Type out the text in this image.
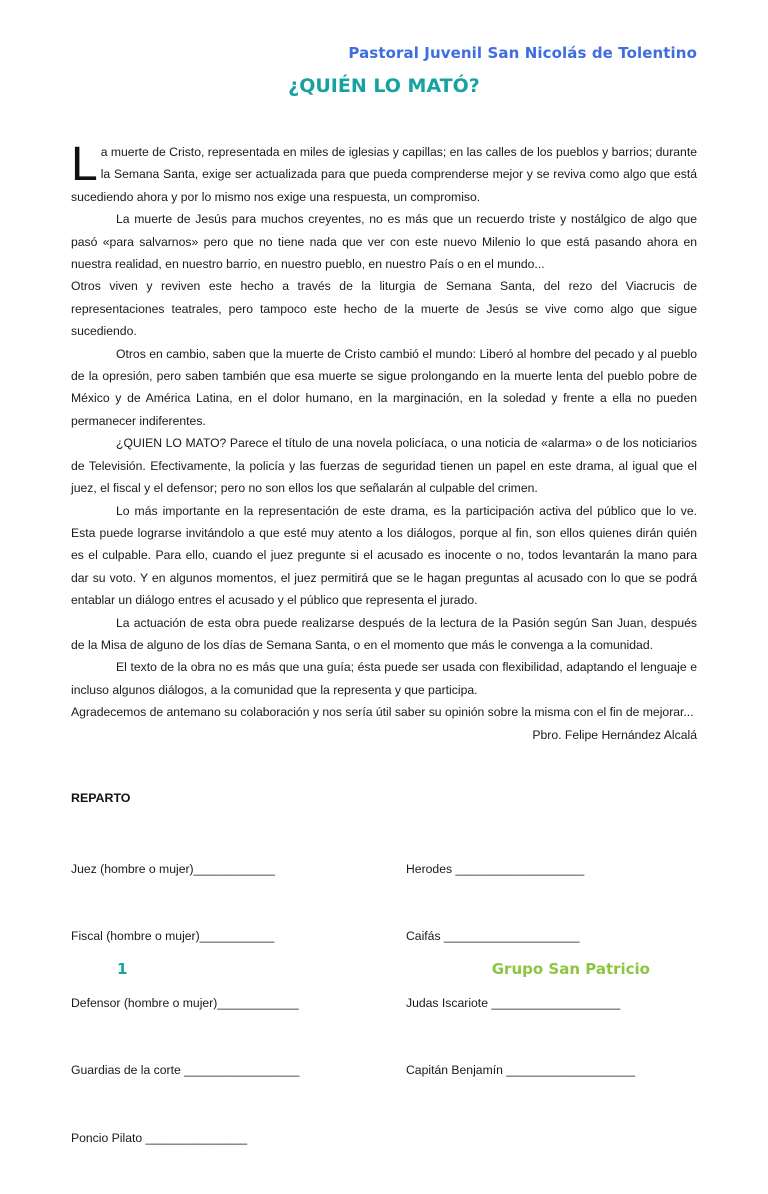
Pastoral Juvenil San Nicolás de Tolentino
¿QUIÉN LO MATÓ?

La muerte de Cristo, representada en miles de iglesias y capillas; en las calles de los pueblos y barrios; durante la Semana Santa, exige ser actualizada para que pueda comprenderse mejor y se reviva como algo que está sucediendo ahora y por lo mismo nos exige una respuesta, un compromiso.

La muerte de Jesús para muchos creyentes, no es más que un recuerdo triste y nostálgico de algo que pasó «para salvarnos» pero que no tiene nada que ver con este nuevo Milenio lo que está pasando ahora en nuestra realidad, en nuestro barrio, en nuestro pueblo, en nuestro País o en el mundo...

Otros viven y reviven este hecho a través de la liturgia de Semana Santa, del rezo del Viacrucis de representaciones teatrales, pero tampoco este hecho de la muerte de Jesús se vive como algo que sigue sucediendo.

Otros en cambio, saben que la muerte de Cristo cambió el mundo: Liberó al hombre del pecado y al pueblo de la opresión, pero saben también que esa muerte se sigue prolongando en la muerte lenta del pueblo pobre de México y de América Latina, en el dolor humano, en la marginación, en la soledad y frente a ella no pueden permanecer indiferentes.

¿QUIEN LO MATO? Parece el título de una novela policíaca, o una noticia de «alarma» o de los noticiarios de Televisión. Efectivamente, la policía y las fuerzas de seguridad tienen un papel en este drama, al igual que el juez, el fiscal y el defensor; pero no son ellos los que señalarán al culpable del crimen.

Lo más importante en la representación de este drama, es la participación activa del público que lo ve. Esta puede lograrse invitándolo a que esté muy atento a los diálogos, porque al fin, son ellos quienes dirán quién es el culpable. Para ello, cuando el juez pregunte si el acusado es inocente o no, todos levantarán la mano para dar su voto. Y en algunos momentos, el juez permitirá que se le hagan preguntas al acusado con lo que se podrá entablar un diálogo entres el acusado y el público que representa el jurado.

La actuación de esta obra puede realizarse después de la lectura de la Pasión según San Juan, después de la Misa de alguno de los días de Semana Santa, o en el momento que más le convenga a la comunidad.

El texto de la obra no es más que una guía; ésta puede ser usada con flexibilidad, adaptando el lenguaje e incluso algunos diálogos, a la comunidad que la representa y que participa.

Agradecemos de antemano su colaboración y nos sería útil saber su opinión sobre la misma con el fin de mejorar...

Pbro. Felipe Hernández Alcalá

REPARTO

Juez (hombre o mujer)____________

Fiscal (hombre o mujer)___________

Defensor (hombre o mujer)____________

Guardias de la corte _________________

Poncio Pilato _______________

Herodes ___________________

Caifás ____________________

Judas Iscariote ___________________

Capitán Benjamín ___________________

1	Grupo San Patricio
